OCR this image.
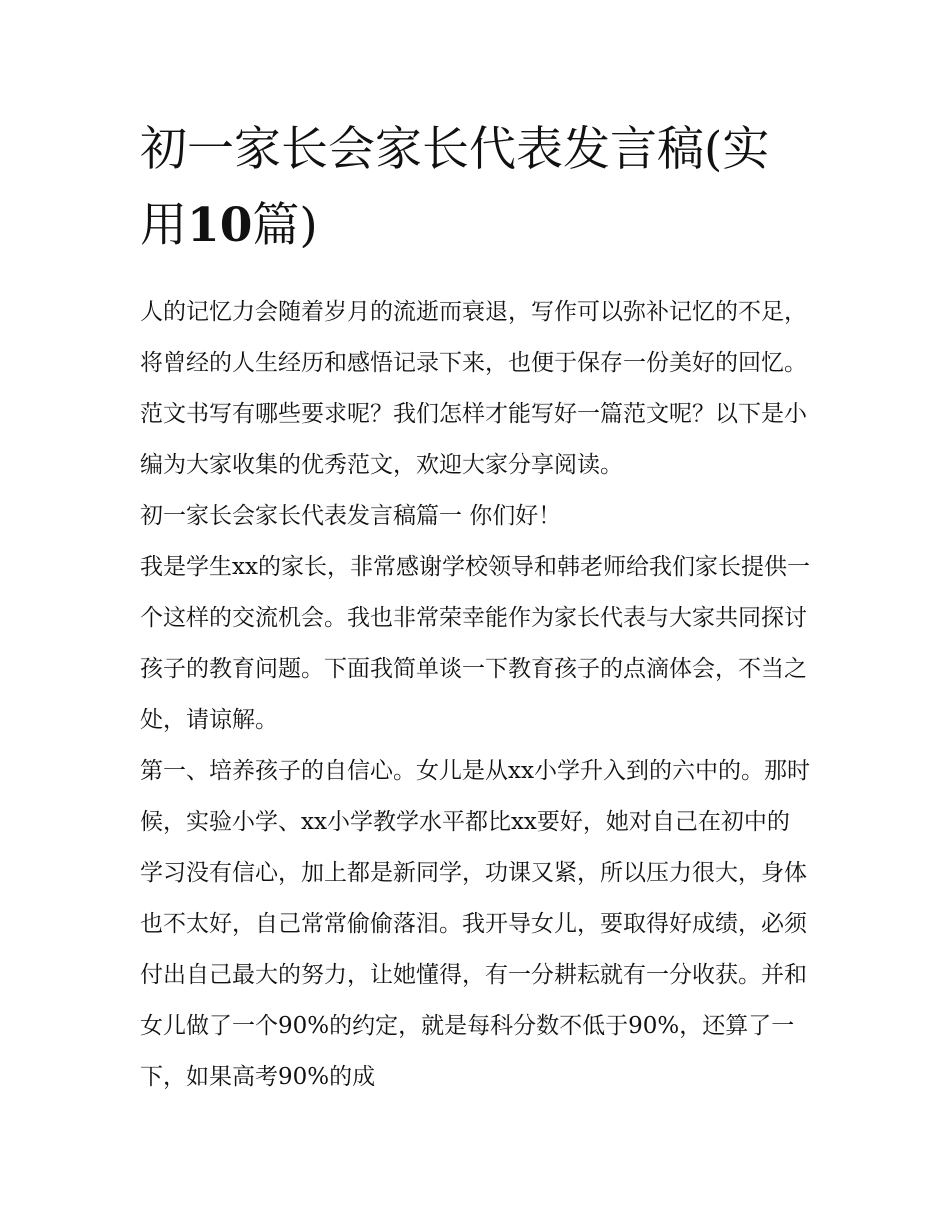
初一家长会家长代表发言稿(实用10篇)

人的记忆力会随着岁月的流逝而衰退，写作可以弥补记忆的不足，将曾经的人生经历和感悟记录下来，也便于保存一份美好的回忆。范文书写有哪些要求呢？我们怎样才能写好一篇范文呢？以下是小编为大家收集的优秀范文，欢迎大家分享阅读。

初一家长会家长代表发言稿篇一 你们好！

我是学生xx的家长，非常感谢学校领导和韩老师给我们家长提供一个这样的交流机会。我也非常荣幸能作为家长代表与大家共同探讨孩子的教育问题。下面我简单谈一下教育孩子的点滴体会，不当之处，请谅解。

第一、培养孩子的自信心。女儿是从xx小学升入到的六中的。那时候，实验小学、xx小学教学水平都比xx要好，她对自己在初中的学习没有信心，加上都是新同学，功课又紧，所以压力很大，身体也不太好，自己常常偷偷落泪。我开导女儿，要取得好成绩，必须付出自己最大的努力，让她懂得，有一分耕耘就有一分收获。并和女儿做了一个90%的约定，就是每科分数不低于90%，还算了一下，如果高考90%的成
